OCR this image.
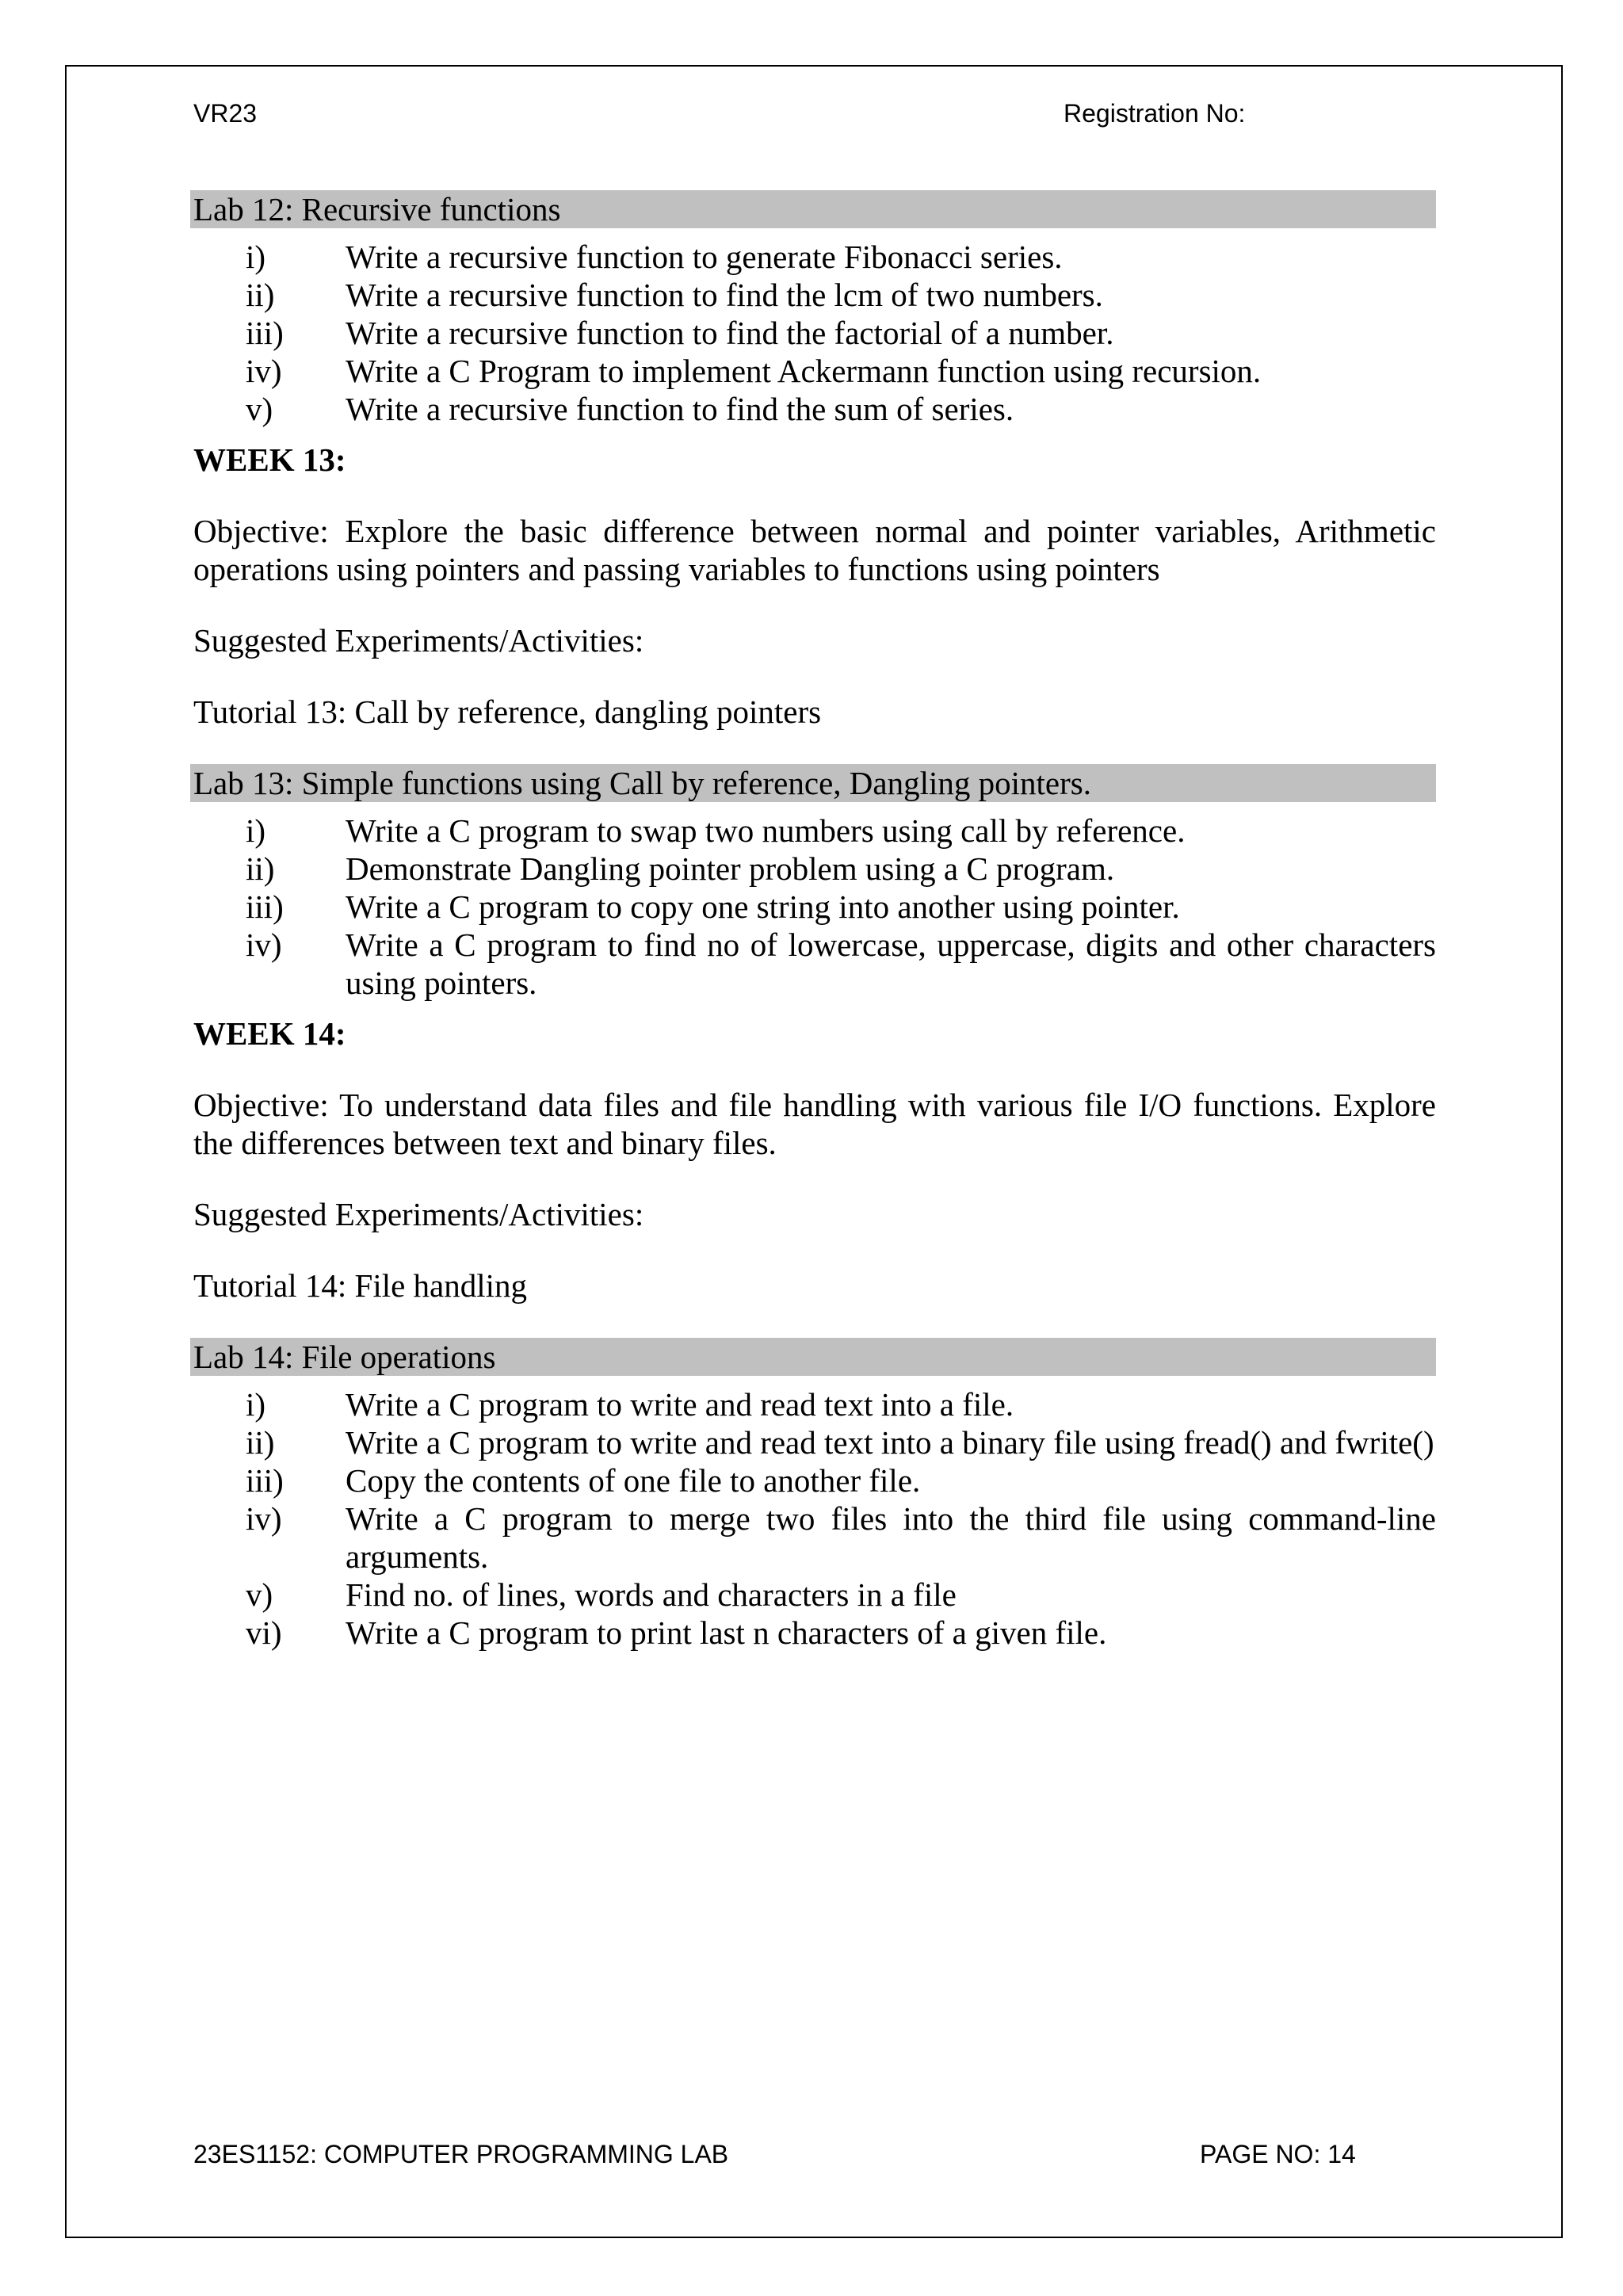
VR23	Registration No:
Lab 12: Recursive functions
i) Write a recursive function to generate Fibonacci series.
ii) Write a recursive function to find the lcm of two numbers.
iii) Write a recursive function to find the factorial of a number.
iv) Write a C Program to implement Ackermann function using recursion.
v) Write a recursive function to find the sum of series.
WEEK 13:
Objective: Explore the basic difference between normal and pointer variables, Arithmetic operations using pointers and passing variables to functions using pointers
Suggested Experiments/Activities:
Tutorial 13: Call by reference, dangling pointers
Lab 13: Simple functions using Call by reference, Dangling pointers.
i) Write a C program to swap two numbers using call by reference.
ii) Demonstrate Dangling pointer problem using a C program.
iii) Write a C program to copy one string into another using pointer.
iv) Write a C program to find no of lowercase, uppercase, digits and other characters using pointers.
WEEK 14:
Objective: To understand data files and file handling with various file I/O functions. Explore the differences between text and binary files.
Suggested Experiments/Activities:
Tutorial 14: File handling
Lab 14: File operations
i) Write a C program to write and read text into a file.
ii) Write a C program to write and read text into a binary file using fread() and fwrite()
iii) Copy the contents of one file to another file.
iv) Write a C program to merge two files into the third file using command-line arguments.
v) Find no. of lines, words and characters in a file
vi) Write a C program to print last n characters of a given file.
23ES1152: COMPUTER PROGRAMMING LAB	PAGE NO: 14
